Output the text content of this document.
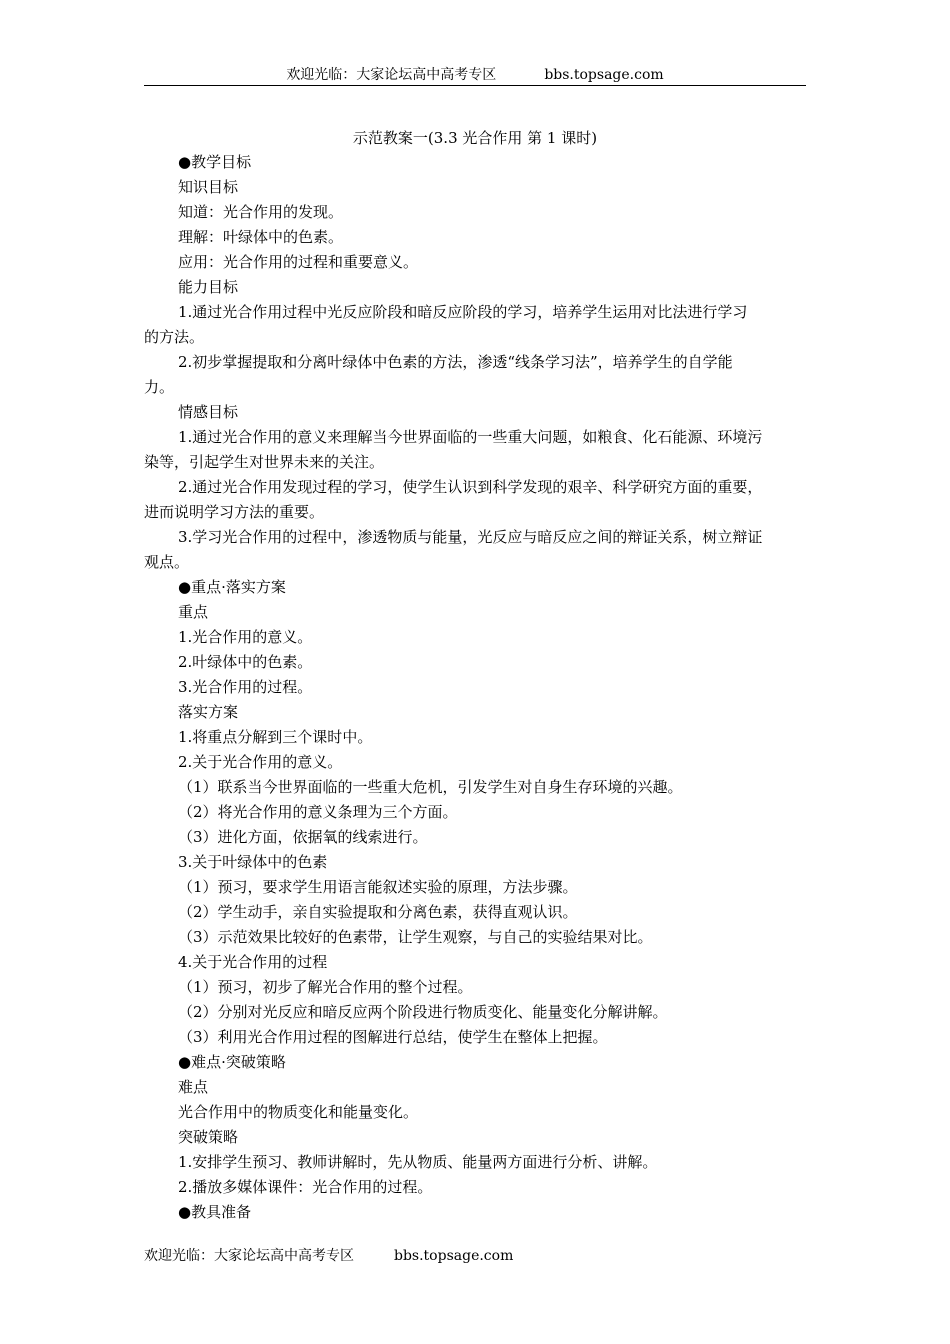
欢迎光临：大家论坛高中高考专区	bbs.topsage.com
示范教案一(3.3 光合作用 第 1 课时)
●教学目标
知识目标
知道：光合作用的发现。
理解：叶绿体中的色素。
应用：光合作用的过程和重要意义。
能力目标
1.通过光合作用过程中光反应阶段和暗反应阶段的学习，培养学生运用对比法进行学习
的方法。
2.初步掌握提取和分离叶绿体中色素的方法，渗透“线条学习法”，培养学生的自学能
力。
情感目标
1.通过光合作用的意义来理解当今世界面临的一些重大问题，如粮食、化石能源、环境污
染等，引起学生对世界未来的关注。
2.通过光合作用发现过程的学习，使学生认识到科学发现的艰辛、科学研究方面的重要，
进而说明学习方法的重要。
3.学习光合作用的过程中，渗透物质与能量，光反应与暗反应之间的辩证关系，树立辩证
观点。
●重点·落实方案
重点
1.光合作用的意义。
2.叶绿体中的色素。
3.光合作用的过程。
落实方案
1.将重点分解到三个课时中。
2.关于光合作用的意义。
（1）联系当今世界面临的一些重大危机，引发学生对自身生存环境的兴趣。
（2）将光合作用的意义条理为三个方面。
（3）进化方面，依据氧的线索进行。
3.关于叶绿体中的色素
（1）预习，要求学生用语言能叙述实验的原理，方法步骤。
（2）学生动手，亲自实验提取和分离色素，获得直观认识。
（3）示范效果比较好的色素带，让学生观察，与自己的实验结果对比。
4.关于光合作用的过程
（1）预习，初步了解光合作用的整个过程。
（2）分别对光反应和暗反应两个阶段进行物质变化、能量变化分解讲解。
（3）利用光合作用过程的图解进行总结，使学生在整体上把握。
●难点·突破策略
难点
光合作用中的物质变化和能量变化。
突破策略
1.安排学生预习、教师讲解时，先从物质、能量两方面进行分析、讲解。
2.播放多媒体课件：光合作用的过程。
●教具准备
欢迎光临：大家论坛高中高考专区	bbs.topsage.com
